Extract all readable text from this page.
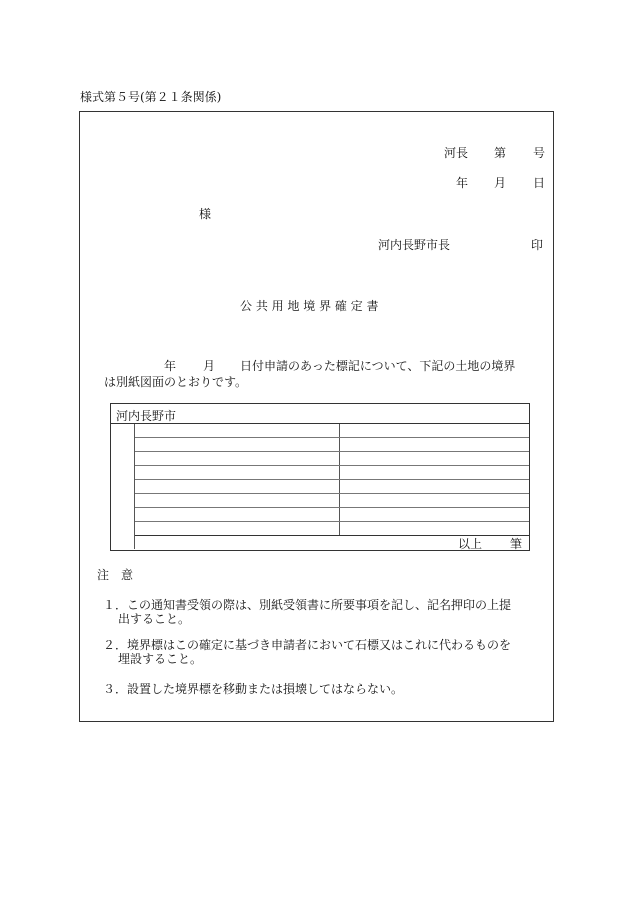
様式第５号(第２１条関係)
河長 第 号
年 月 日
様
河内長野市長	印
公 共 用 地 境 界 確 定 書
年 月 日付申請のあった標記について、下記の土地の境界
は別紙図面のとおりです。
河内長野市
以上 筆
注　意
１．この通知書受領の際は、別紙受領書に所要事項を記し、記名押印の上提
出すること。
２．境界標はこの確定に基づき申請者において石標又はこれに代わるものを
埋設すること。
３．設置した境界標を移動または損壊してはならない。
